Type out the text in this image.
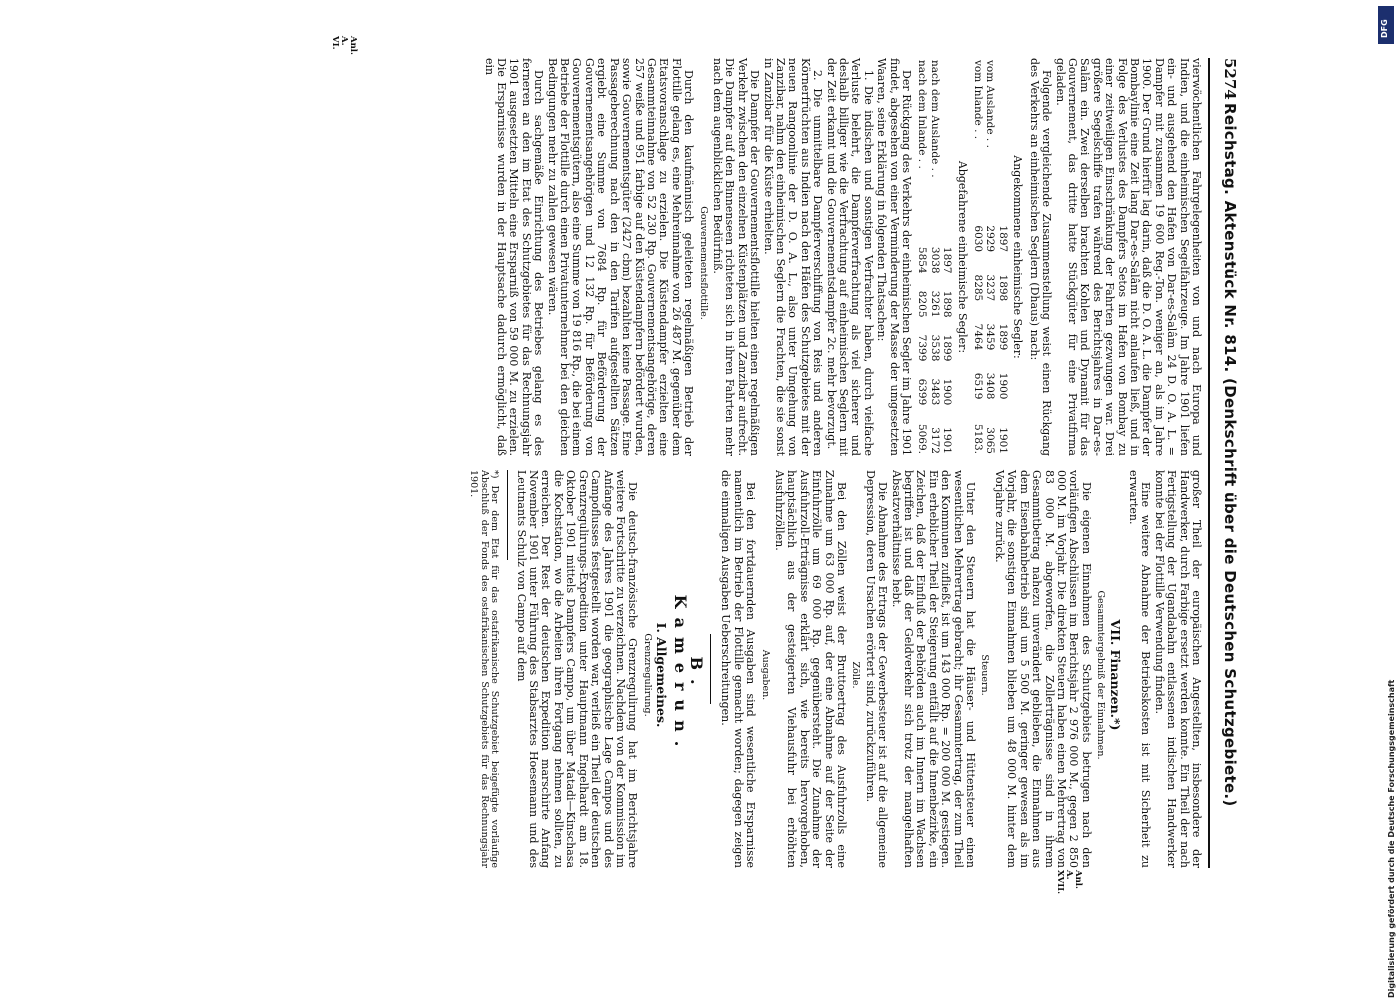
5274
Reichstag. Aktenstück Nr. 814. (Denkschrift über die Deutschen Schutzgebiete.)

vierwöchentlichen Fahrgelegenheiten von und nach Europa und Indien, und die einheimischen Segelfahrzeuge. Im Jahre 1901 liefen ein- und ausgehend den Hafen von Dar-es-Salâm 24 D. O. A. L. = Dampfer mit zusammen 19 600 Reg.-Ton. weniger an, als im Jahre 1900. Der Grund hierfür lag darin, daß die D. O. A. L. die Dampfer der Bombaylinie eine Zeit lang Dar-es-Salâm nicht anlaufen ließ, und in Folge des Verlustes des Dampfers Setos im Hafen von Bombay zu einer zeitweiligen Einschränkung der Fahrten gezwungen war. Drei größere Segelschiffe trafen während des Berichtsjahres in Dar-es-Salâm ein. Zwei derselben brachten Kohlen und Dynamit für das Gouvernement, das dritte hatte Stückgüter für eine Privatfirma geladen.

Folgende vergleichende Zusammenstellung weist einen Rückgang des Verkehrs an einheimischen Seglern (Dhaus) nach:

Angekommene einheimische Segler:

	1897	1898	1899	1900	1901
vom Auslande . .	2929	3237	3459	3408	3065
vom Inlande . .	6030	8285	7464	6519	5183.

Abgefahrene einheimische Segler:

	1897	1898	1899	1900	1901
nach dem Auslande . .	3038	3261	3538	3483	3172
nach dem Inlande . .	5854	8205	7399	6399	5069.

Der Rückgang des Verkehrs der einheimischen Segler im Jahre 1901 findet, abgesehen von einer Verminderung der Masse der umgesetzten Waaren, seine Erklärung in folgenden Thatsachen:

1. Die indischen und sonstigen Verfrachter haben, durch vielfache Verluste belehrt, die Dampferverfrachtung als viel sicherer und deshalb billiger wie die Verfrachtung auf einheimischen Seglern mit der Zeit erkannt und die Gouvernementsdampfer 2c. mehr bevorzugt.

2. Die unmittelbare Dampferverschiffung von Reis und anderen Körnerfrüchten aus Indien nach den Häfen des Schutzgebietes mit der neuen Rangoonlinie der D. O. A. L., also unter Umgehung von Zanzibar, nahm den einheimischen Seglern die Frachten, die sie sonst in Zanzibar für die Küste erhielten.

Die Dampfer der Gouvernementsflottille hielten einen regelmäßigen Verkehr zwischen den einzelnen Küstenplätzen und Zanzibar aufrecht. Die Dampfer auf den Binnenseen richteten sich in ihren Fahrten mehr nach dem augenblicklichen Bedürfniß.

Gouvernementsflottille.

Durch den kaufmännisch geleiteten regelmäßigen Betrieb der Flottille gelang es, eine Mehreinnahme von 26 487 M. gegenüber dem Etatsvoranschlage zu erzielen. Die Küstendampfer erzielten eine Gesammteinnahme von 52 230 Rp. Gouvernementsangehörige, deren 257 weiße und 951 farbige auf den Küstendampfern befördert wurden, sowie Gouvernementsgüter (2427 cbm) bezahlten keine Passage. Eine Passageberechnung nach den in den Tarifen aufgestellten Sätzen ergiebt eine Summe von 7684 Rp. für Beförderung der Gouvernementsangehörigen und 12 132 Rp. für Beförderung von Gouvernementsgütern, also eine Summe von 19 816 Rp., die bei einem Betriebe der Flottille durch einen Privatunternehmer bei den gleichen Bedingungen mehr zu zahlen gewesen wären.

Durch sachgemäße Einrichtung des Betriebes gelang es des ferneren an den im Etat des Schutzgebietes für das Rechnungsjahr 1901 ausgesetzten Mitteln eine Ersparniß von 59 000 M. zu erzielen. Die Ersparnisse wurden in der Hauptsache dadurch ermöglicht, daß ein

Anl. A. VI.

großer Theil der europäischen Angestellten, insbesondere der Handwerker, durch Farbige ersetzt werden konnte. Ein Theil der nach Fertigstellung der Ugandabahn entlassenen indischen Handwerker konnte bei der Flottille Verwendung finden.

Eine weitere Abnahme der Betriebskosten ist mit Sicherheit zu erwarten.

VII. Finanzen.*)

Gesammtergebniß der Einnahmen.

Die eigenen Einnahmen des Schutzgebiets betrugen nach den vorläufigen Abschlüssen im Berichtsjahr 2 976 000 M., gegen 2 850 000 M. im Vorjahr. Die direkten Steuern haben einen Mehrertrag von 83 000 M. abgeworfen, die Zollerträgnisse sind in ihrem Gesammtbetrag nahezu unverändert geblieben, die Einnahmen aus dem Eisenbahnbetrieb sind um 5 500 M. geringer gewesen als im Vorjahr, die sonstigen Einnahmen blieben um 48 000 M. hinter dem Vorjahre zurück.

Steuern.

Unter den Steuern hat die Häuser- und Hüttensteuer einen wesentlichen Mehrertrag gebracht; ihr Gesammtertrag, der zum Theil den Kommunen zufließt, ist um 143 000 Rp. = 200 000 M. gestiegen. Ein erheblicher Theil der Steigerung entfällt auf die Innenbezirke, ein Zeichen, daß der Einfluß der Behörden auch im Innern im Wachsen begriffen ist und daß der Geldverkehr sich trotz der mangelhaften Absatzverhältnisse hebt.

Die Abnahme des Ertrags der Gewerbesteuer ist auf die allgemeine Depression, deren Ursachen erörtert sind, zurückzuführen.

Zölle.

Bei den Zöllen weist der Bruttoertrag des Ausfuhrzolls eine Zunahme um 63 000 Rp. auf, der eine Abnahme auf der Seite der Einfuhrzölle um 69 000 Rp. gegenübersteht. Die Zunahme der Ausfuhrzoll-Erträgnisse erklärt sich, wie bereits hervorgehoben, hauptsächlich aus der gesteigerten Viehausfuhr bei erhöhten Ausfuhrzöllen.

Ausgaben.

Bei den fortdauernden Ausgaben sind wesentliche Ersparnisse namentlich im Betrieb der Flottille gemacht worden; dagegen zeigen die einmaligen Ausgaben Ueberschreitungen.

B.

Kamerun.

I. Allgemeines.

Grenzregulirung.

Die deutsch-französische Grenzregulirung hat im Berichtsjahre weitere Fortschritte zu verzeichnen. Nachdem von der Kommission im Anfange des Jahres 1901 die geographische Lage Campos und des Campoflusses festgestellt worden war, verließ ein Theil der deutschen Grenzregulirungs-Expedition unter Hauptmann Engelhardt am 18. Oktober 1901 mittels Dampfers Campo, um über Matadi—Kinschasa die Kochstation, wo die Arbeiten ihren Fortgang nehmen sollten, zu erreichen. Der Rest der deutschen Expedition marschirte Anfang November 1901 unter Führung des Stabsarztes Hoesemann und des Leutnants Schulz von Campo auf dem

*) Der dem Etat für das ostafrikanische Schutzgebiet beigefügte vorläufige Abschluß der Fonds des ostafrikanischen Schutzgebiets für das Rechnungsjahr 1901.

Anl. A. XVII.
DFG
Digitalisierung gefördert durch die Deutsche Forschungsgemeinschaft
